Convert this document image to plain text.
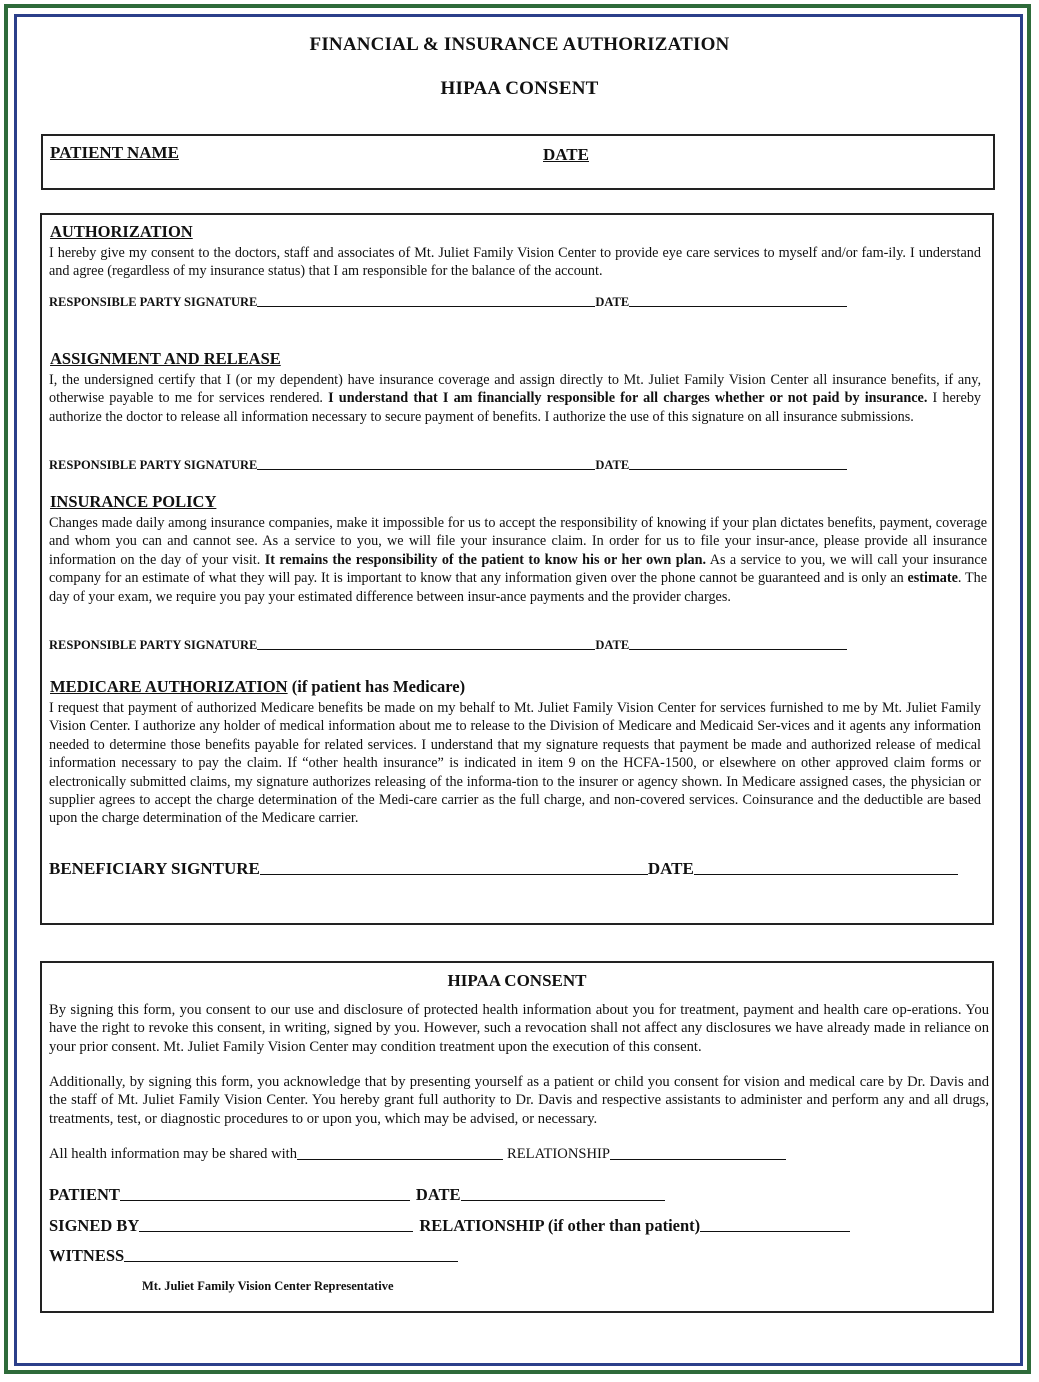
FINANCIAL & INSURANCE AUTHORIZATION
HIPAA CONSENT
PATIENT NAME	DATE
AUTHORIZATION
I hereby give my consent to the doctors, staff and associates of Mt. Juliet Family Vision Center to provide eye care services to myself and/or fam-ily. I understand and agree (regardless of my insurance status) that I am responsible for the balance of the account.
RESPONSIBLE PARTY SIGNATURE	DATE
ASSIGNMENT AND RELEASE
I, the undersigned certify that I (or my dependent) have insurance coverage and assign directly to Mt. Juliet Family Vision Center all insurance benefits, if any, otherwise payable to me for services rendered. I understand that I am financially responsible for all charges whether or not paid by insurance. I hereby authorize the doctor to release all information necessary to secure payment of benefits. I authorize the use of this signature on all insurance submissions.
RESPONSIBLE PARTY SIGNATURE	DATE
INSURANCE POLICY
Changes made daily among insurance companies, make it impossible for us to accept the responsibility of knowing if your plan dictates benefits, payment, coverage and whom you can and cannot see. As a service to you, we will file your insurance claim. In order for us to file your insur-ance, please provide all insurance information on the day of your visit. It remains the responsibility of the patient to know his or her own plan. As a service to you, we will call your insurance company for an estimate of what they will pay. It is important to know that any information given over the phone cannot be guaranteed and is only an estimate. The day of your exam, we require you pay your estimated difference between insur-ance payments and the provider charges.
RESPONSIBLE PARTY SIGNATURE	DATE
MEDICARE AUTHORIZATION (if patient has Medicare)
I request that payment of authorized Medicare benefits be made on my behalf to Mt. Juliet Family Vision Center for services furnished to me by Mt. Juliet Family Vision Center. I authorize any holder of medical information about me to release to the Division of Medicare and Medicaid Ser-vices and it agents any information needed to determine those benefits payable for related services. I understand that my signature requests that payment be made and authorized release of medical information necessary to pay the claim. If “other health insurance” is indicated in item 9 on the HCFA-1500, or elsewhere on other approved claim forms or electronically submitted claims, my signature authorizes releasing of the informa-tion to the insurer or agency shown. In Medicare assigned cases, the physician or supplier agrees to accept the charge determination of the Medi-care carrier as the full charge, and non-covered services. Coinsurance and the deductible are based upon the charge determination of the Medicare carrier.
BENEFICIARY SIGNTURE	DATE
HIPAA CONSENT
By signing this form, you consent to our use and disclosure of protected health information about you for treatment, payment and health care op-erations. You have the right to revoke this consent, in writing, signed by you. However, such a revocation shall not affect any disclosures we have already made in reliance on your prior consent. Mt. Juliet Family Vision Center may condition treatment upon the execution of this consent.
Additionally, by signing this form, you acknowledge that by presenting yourself as a patient or child you consent for vision and medical care by Dr. Davis and the staff of Mt. Juliet Family Vision Center. You hereby grant full authority to Dr. Davis and respective assistants to administer and perform any and all drugs, treatments, test, or diagnostic procedures to or upon you, which may be advised, or necessary.
All health information may be shared with	RELATIONSHIP
PATIENT	DATE
SIGNED BY	RELATIONSHIP (if other than patient)
WITNESS
Mt. Juliet Family Vision Center Representative
